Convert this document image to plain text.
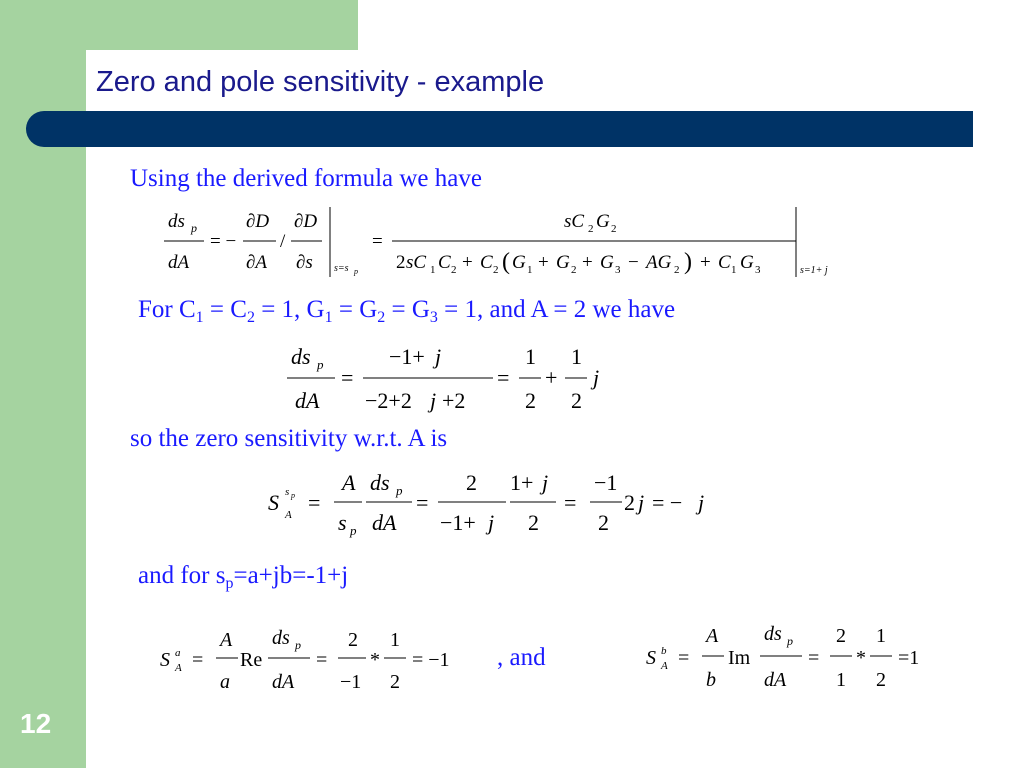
Zero and pole sensitivity - example
12
Using the derived formula we have
ds p
dA
= −
∂D
∂A
/
∂D
∂s s=s p
=
sC 2 G 2
2 sC 1 C 2 + C 2 ( G 1 + G 2 + G 3 − AG 2 ) + C 1 G 3	s=1+ j
For $C_1 = C_2 = 1$, $G_1 = G_2 = G_3 = 1$, and A = 2 we have
ds p
dA
=
−1+ j
−2+2 j +2
=
1
2
+
1
2
j
so the zero sensitivity w.r.t. A is
S s p
A =
A
s p
ds p
dA
=
2
−1+ j
1+ j
2
=
−1
2
2 j = − j
and for $s_p=a+jb=-1+j$
S a
A =
A
a
Re
ds p
dA
=
2
−1
*
1
2
= −1 , and	S b
A =
A
b
Im
ds p
dA
=
2
1
*
1
2
=1
